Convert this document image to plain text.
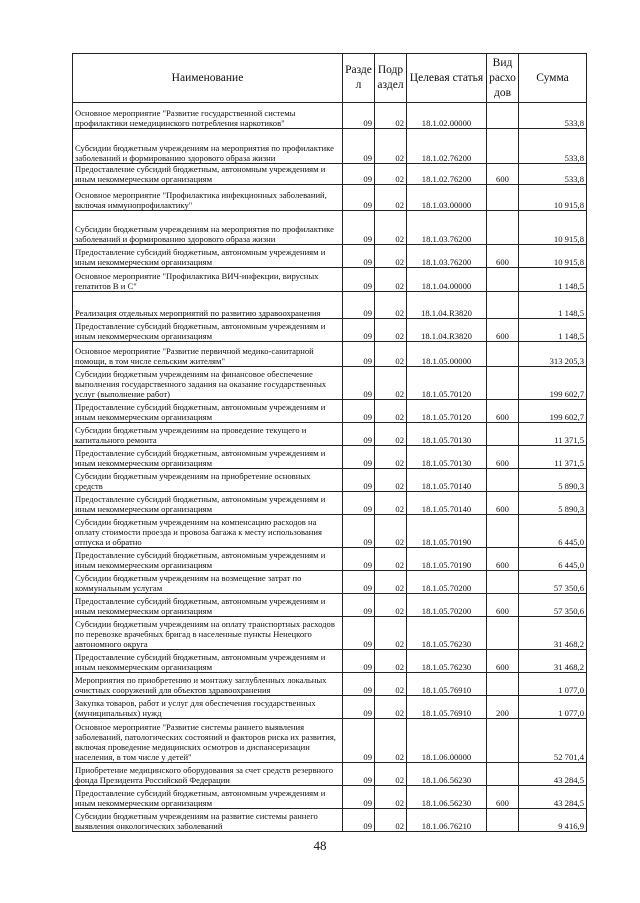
Наименование	Разде л	Подр аздел	Целевая статья	Вид расхо дов	Сумма
Основное мероприятие "Развитие государственной системы профилактики немедицинского потребления наркотиков"	09	02	18.1.02.00000		533,8
Субсидии бюджетным учреждениям на мероприятия по профилактике заболеваний и формированию здорового образа жизни	09	02	18.1.02.76200		533,8
Предоставление субсидий бюджетным, автономным учреждениям и иным некоммерческим организациям	09	02	18.1.02.76200	600	533,8
Основное мероприятие "Профилактика инфекционных заболеваний, включая иммунопрофилактику"	09	02	18.1.03.00000		10 915,8
Субсидии бюджетным учреждениям на мероприятия по профилактике заболеваний и формированию здорового образа жизни	09	02	18.1.03.76200		10 915,8
Предоставление субсидий бюджетным, автономным учреждениям и иным некоммерческим организациям	09	02	18.1.03.76200	600	10 915,8
Основное мероприятие "Профилактика ВИЧ-инфекции, вирусных гепатитов В и С"	09	02	18.1.04.00000		1 148,5
Реализация отдельных мероприятий по развитию здравоохранения	09	02	18.1.04.R3820		1 148,5
Предоставление субсидий бюджетным, автономным учреждениям и иным некоммерческим организациям	09	02	18.1.04.R3820	600	1 148,5
Основное мероприятие "Развитие первичной медико-санитарной помощи, в том числе сельским жителям"	09	02	18.1.05.00000		313 205,3
Субсидии бюджетным учреждениям на финансовое обеспечение выполнения государственного задания на оказание государственных услуг (выполнение работ)	09	02	18.1.05.70120		199 602,7
Предоставление субсидий бюджетным, автономным учреждениям и иным некоммерческим организациям	09	02	18.1.05.70120	600	199 602,7
Субсидии бюджетным учреждениям на проведение текущего и капитального ремонта	09	02	18.1.05.70130		11 371,5
Предоставление субсидий бюджетным, автономным учреждениям и иным некоммерческим организациям	09	02	18.1.05.70130	600	11 371,5
Субсидии бюджетным учреждениям на приобретение основных средств	09	02	18.1.05.70140		5 890,3
Предоставление субсидий бюджетным, автономным учреждениям и иным некоммерческим организациям	09	02	18.1.05.70140	600	5 890,3
Субсидии бюджетным учреждениям на компенсацию расходов на оплату стоимости проезда и провоза багажа к месту использования отпуска и обратно	09	02	18.1.05.70190		6 445,0
Предоставление субсидий бюджетным, автономным учреждениям и иным некоммерческим организациям	09	02	18.1.05.70190	600	6 445,0
Субсидии бюджетным учреждениям на возмещение затрат по коммунальным услугам	09	02	18.1.05.70200		57 350,6
Предоставление субсидий бюджетным, автономным учреждениям и иным некоммерческим организациям	09	02	18.1.05.70200	600	57 350,6
Субсидии бюджетным учреждениям на оплату транспортных расходов по перевозке врачебных бригад в населенные пункты Ненецкого автономного округа	09	02	18.1.05.76230		31 468,2
Предоставление субсидий бюджетным, автономным учреждениям и иным некоммерческим организациям	09	02	18.1.05.76230	600	31 468,2
Мероприятия по приобретению и монтажу заглубленных локальных очистных сооружений для объектов здравоохранения	09	02	18.1.05.76910		1 077,0
Закупка товаров, работ и услуг для обеспечения государственных (муниципальных) нужд	09	02	18.1.05.76910	200	1 077,0
Основное мероприятие "Развитие системы раннего выявления заболеваний, патологических состояний и факторов риска их развития, включая проведение медицинских осмотров и диспансеризации населения, в том числе у детей"	09	02	18.1.06.00000		52 701,4
Приобретение медицинского оборудования за счет средств резервного фонда Президента Российской Федерации	09	02	18.1.06.56230		43 284,5
Предоставление субсидий бюджетным, автономным учреждениям и иным некоммерческим организациям	09	02	18.1.06.56230	600	43 284,5
Субсидии бюджетным учреждениям на развитие системы раннего выявления онкологических заболеваний	09	02	18.1.06.76210		9 416,9
48
